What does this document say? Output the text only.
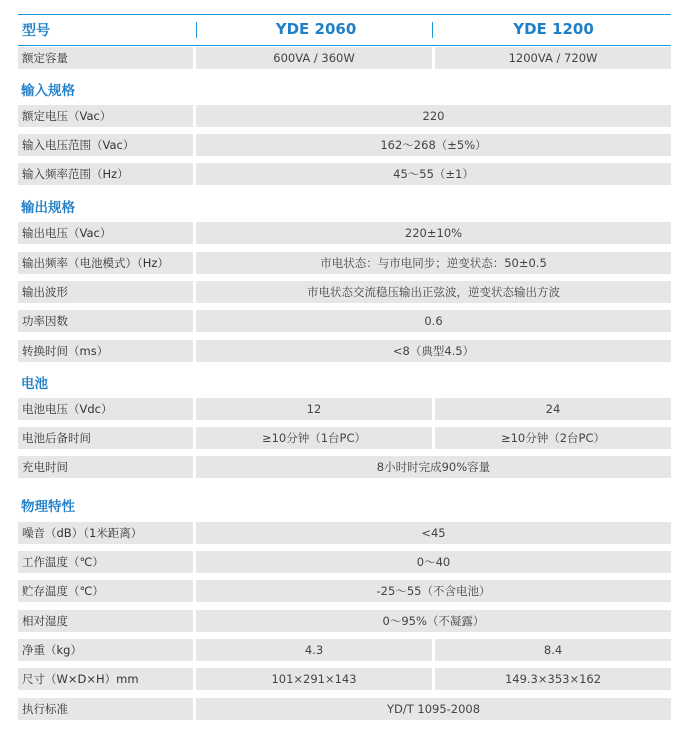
型号	YDE 2060	YDE 1200
额定容量	600VA / 360W	1200VA / 720W
输入规格
额定电压（Vac）	220
输入电压范围（Vac）	162～268（±5%）
输入频率范围（Hz）	45～55（±1）
输出规格
输出电压（Vac）	220±10%
输出频率（电池模式）（Hz）	市电状态：与市电同步；逆变状态：50±0.5
输出波形	市电状态交流稳压输出正弦波，逆变状态输出方波
功率因数	0.6
转换时间（ms）	<8（典型4.5）
电池
电池电压（Vdc）	12	24
电池后备时间	≥10分钟（1台PC）	≥10分钟（2台PC）
充电时间	8小时时完成90%容量
物理特性
噪音（dB）（1米距离）	<45
工作温度（℃）	0～40
贮存温度（℃）	-25～55（不含电池）
相对湿度	0～95%（不凝露）
净重（kg）	4.3	8.4
尺寸（W×D×H）mm	101×291×143	149.3×353×162
执行标准	YD/T 1095-2008
